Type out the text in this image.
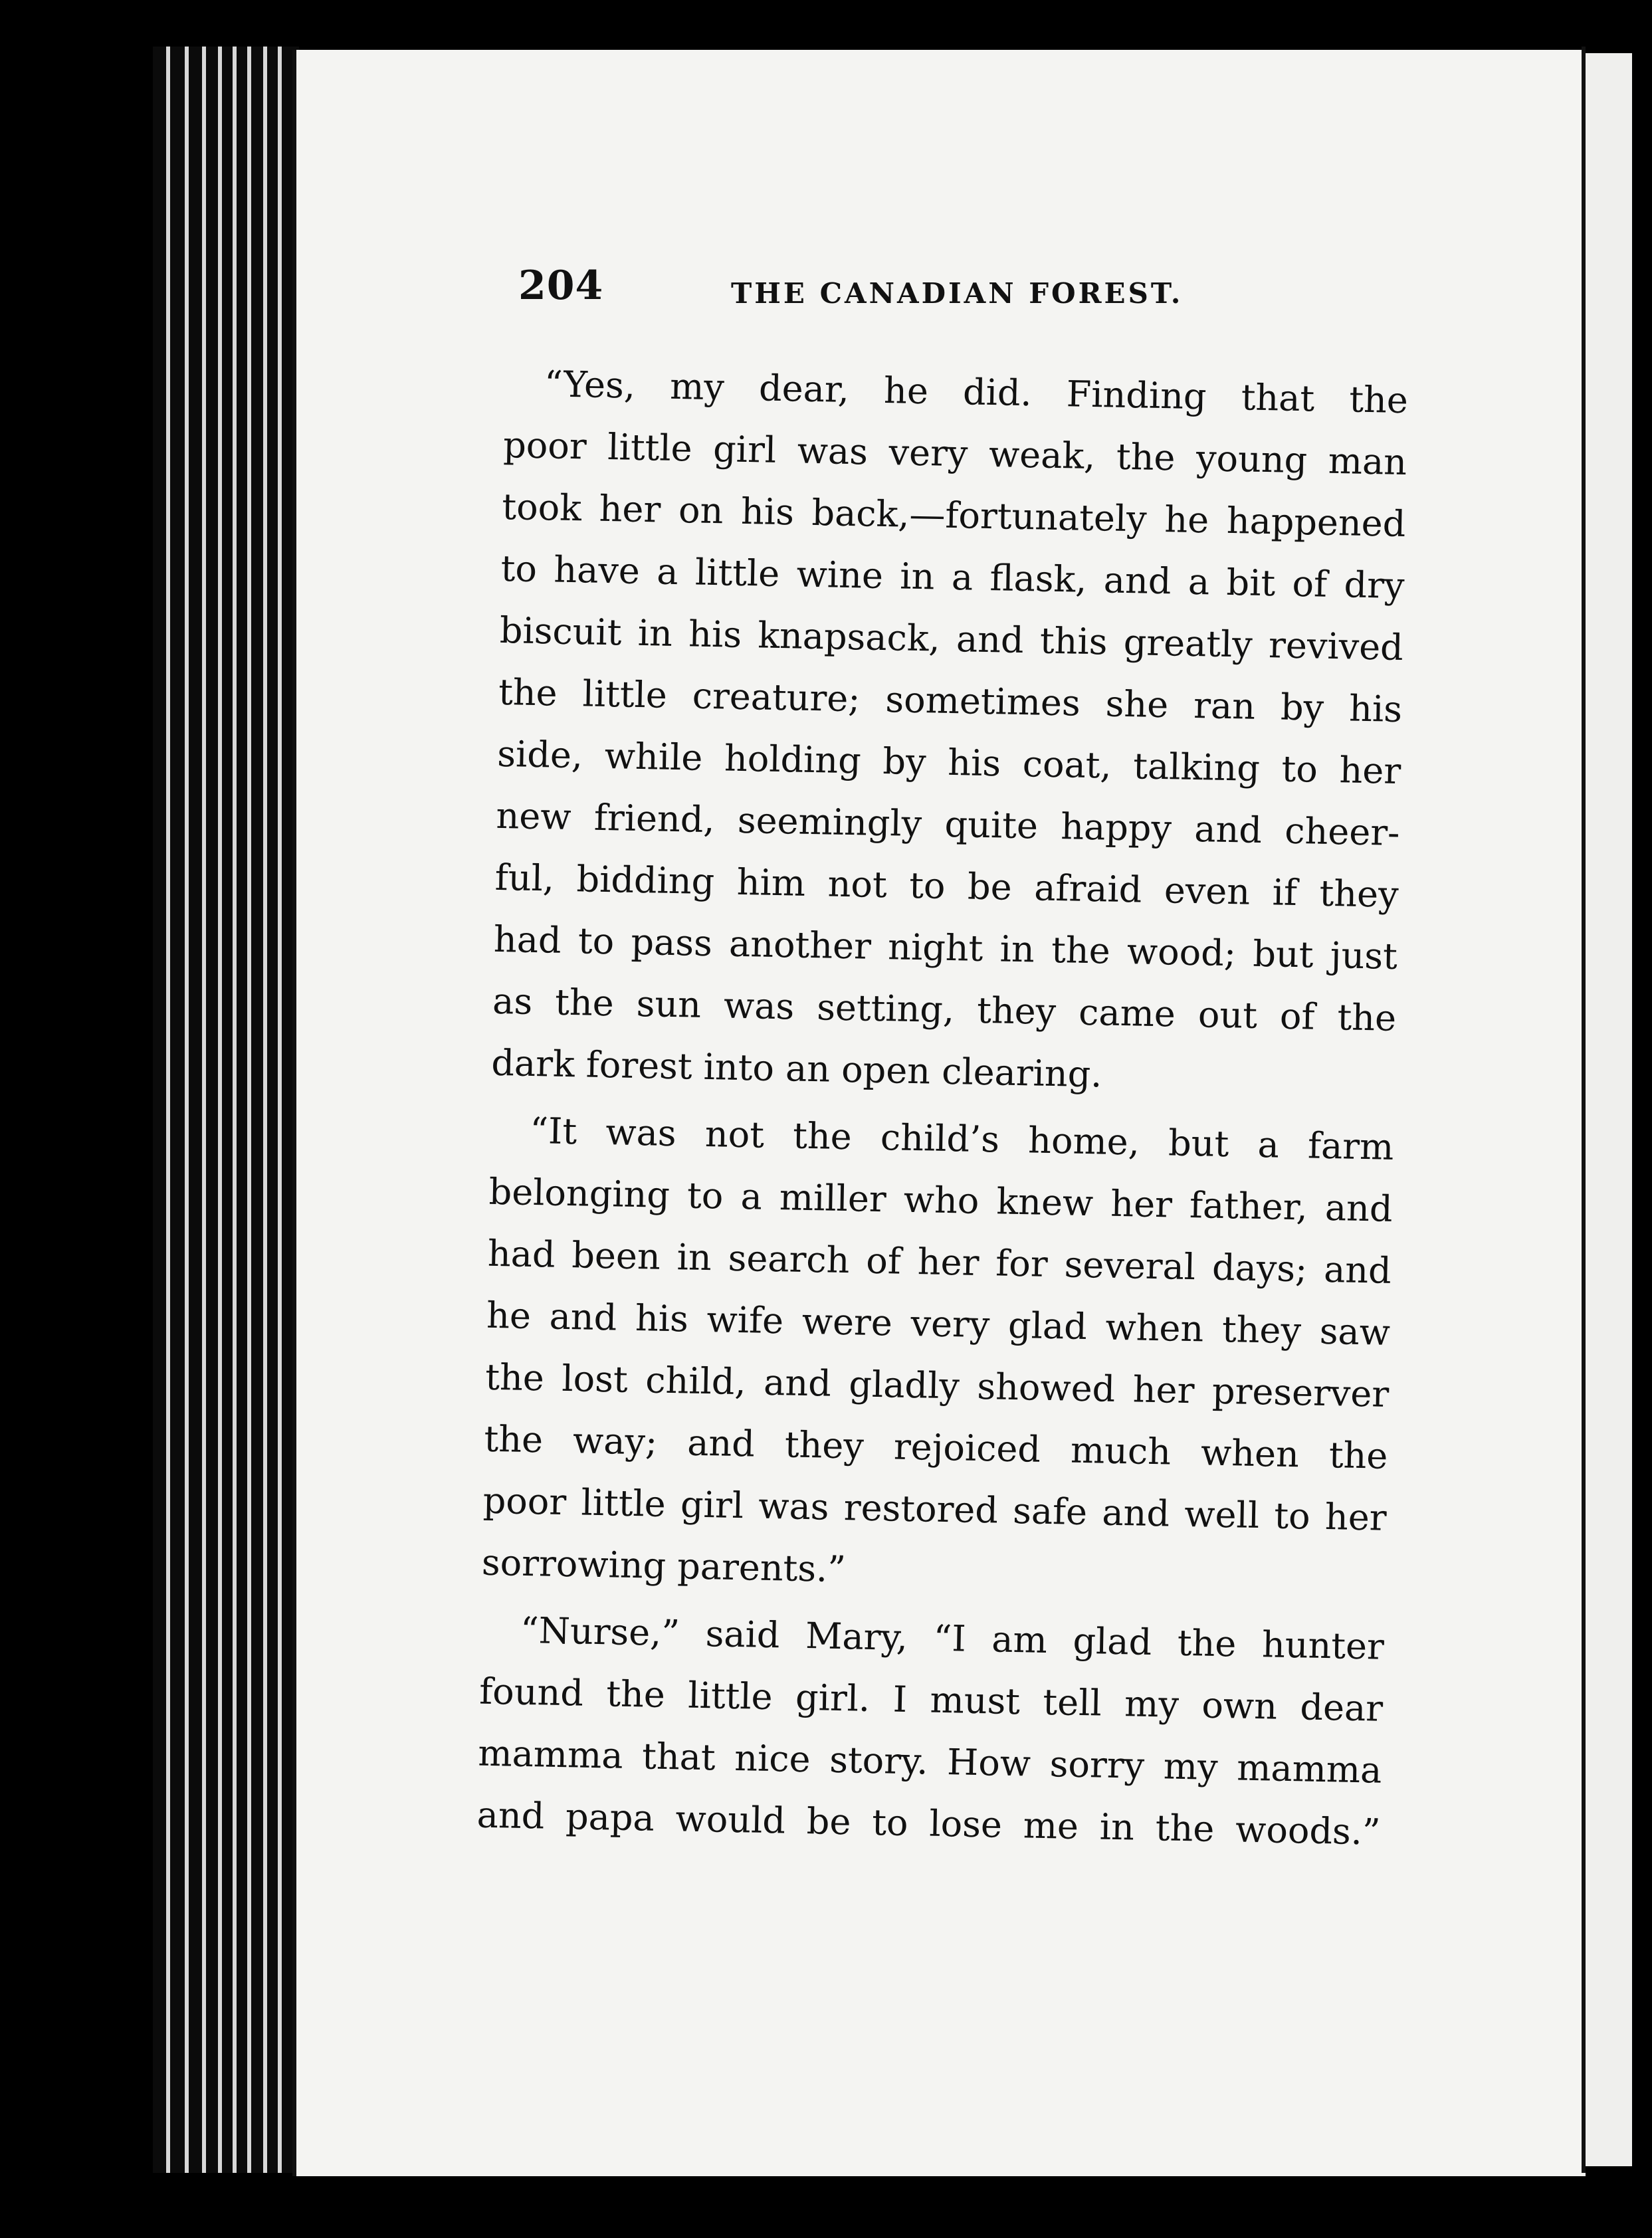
204	THE CANADIAN FOREST.

“Yes, my dear, he did. Finding that the
poor little girl was very weak, the young man
took her on his back,—fortunately he happened
to have a little wine in a flask, and a bit of dry
biscuit in his knapsack, and this greatly revived
the little creature; sometimes she ran by his
side, while holding by his coat, talking to her
new friend, seemingly quite happy and cheer-
ful, bidding him not to be afraid even if they
had to pass another night in the wood; but just
as the sun was setting, they came out of the
dark forest into an open clearing.

“It was not the child’s home, but a farm
belonging to a miller who knew her father, and
had been in search of her for several days; and
he and his wife were very glad when they saw
the lost child, and gladly showed her preserver
the way; and they rejoiced much when the
poor little girl was restored safe and well to her
sorrowing parents.”

“Nurse,” said Mary, “I am glad the hunter
found the little girl. I must tell my own dear
mamma that nice story. How sorry my mamma
and papa would be to lose me in the woods.”
